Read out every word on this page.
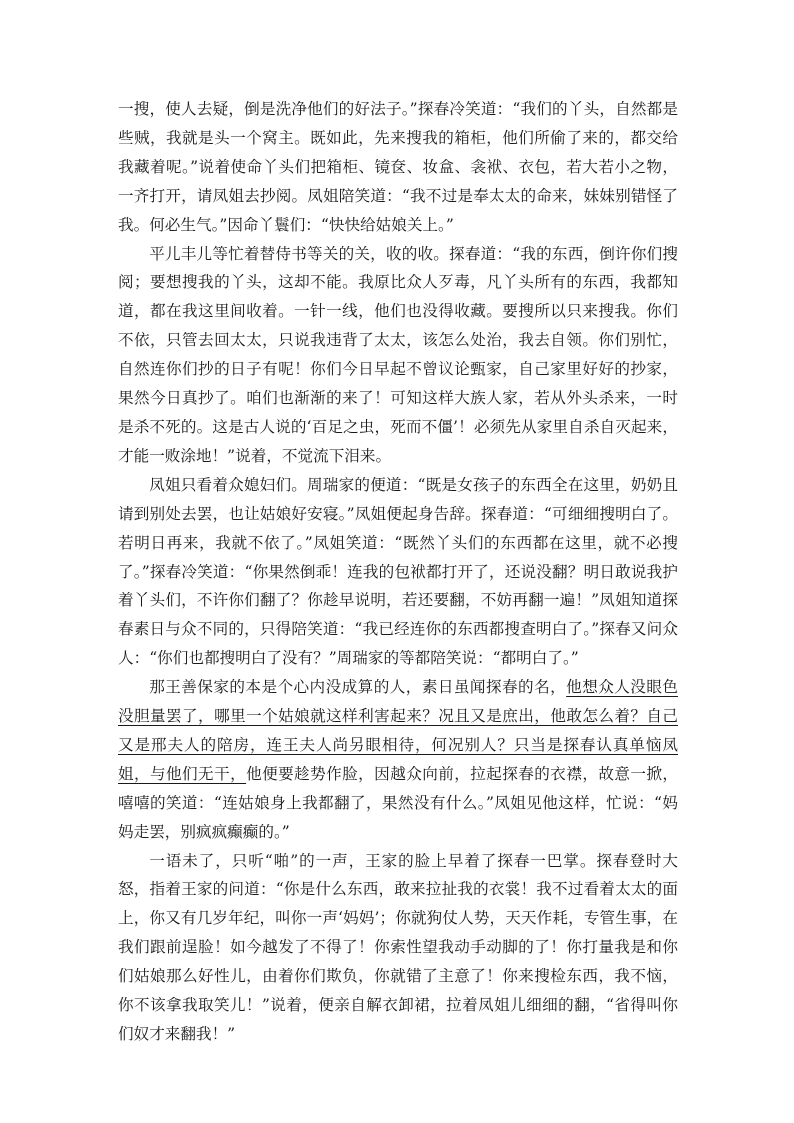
一搜，使人去疑，倒是洗净他们的好法子。”探春冷笑道：“我们的丫头，自然都是些贼，我就是头一个窝主。既如此，先来搜我的箱柜，他们所偷了来的，都交给我藏着呢。”说着使命丫头们把箱柜、镜奁、妆盒、衾袱、衣包，若大若小之物，一齐打开，请凤姐去抄阅。凤姐陪笑道：“我不过是奉太太的命来，妹妹别错怪了我。何必生气。”因命丫鬟们：“快快给姑娘关上。”

平儿丰儿等忙着替侍书等关的关，收的收。探春道：“我的东西，倒许你们搜阅；要想搜我的丫头，这却不能。我原比众人歹毒，凡丫头所有的东西，我都知道，都在我这里间收着。一针一线，他们也没得收藏。要搜所以只来搜我。你们不依，只管去回太太，只说我违背了太太，该怎么处治，我去自领。你们别忙，自然连你们抄的日子有呢！你们今日早起不曾议论甄家，自己家里好好的抄家，果然今日真抄了。咱们也渐渐的来了！可知这样大族人家，若从外头杀来，一时是杀不死的。这是古人说的‘百足之虫，死而不僵’！必须先从家里自杀自灭起来，才能一败涂地！”说着，不觉流下泪来。

凤姐只看着众媳妇们。周瑞家的便道：“既是女孩子的东西全在这里，奶奶且请到别处去罢，也让姑娘好安寝。”凤姐便起身告辞。探春道：“可细细搜明白了。若明日再来，我就不依了。”凤姐笑道：“既然丫头们的东西都在这里，就不必搜了。”探春冷笑道：“你果然倒乖！连我的包袱都打开了，还说没翻？明日敢说我护着丫头们，不许你们翻了？你趁早说明，若还要翻，不妨再翻一遍！”凤姐知道探春素日与众不同的，只得陪笑道：“我已经连你的东西都搜查明白了。”探春又问众人：“你们也都搜明白了没有？”周瑞家的等都陪笑说：“都明白了。”

那王善保家的本是个心内没成算的人，素日虽闻探春的名，他想众人没眼色没胆量罢了，哪里一个姑娘就这样利害起来？况且又是庶出，他敢怎么着？自己又是邢夫人的陪房，连王夫人尚另眼相待，何况别人？只当是探春认真单恼凤姐，与他们无干，他便要趁势作脸，因越众向前，拉起探春的衣襟，故意一掀，嘻嘻的笑道：“连姑娘身上我都翻了，果然没有什么。”凤姐见他这样，忙说：“妈妈走罢，别疯疯癫癫的。”

一语未了，只听“啪”的一声，王家的脸上早着了探春一巴掌。探春登时大怒，指着王家的问道：“你是什么东西，敢来拉扯我的衣裳！我不过看着太太的面上，你又有几岁年纪，叫你一声‘妈妈’；你就狗仗人势，天天作耗，专管生事，在我们跟前逞脸！如今越发了不得了！你索性望我动手动脚的了！你打量我是和你们姑娘那么好性儿，由着你们欺负，你就错了主意了！你来搜检东西，我不恼，你不该拿我取笑儿！”说着，便亲自解衣卸裙，拉着凤姐儿细细的翻，“省得叫你们奴才来翻我！”
